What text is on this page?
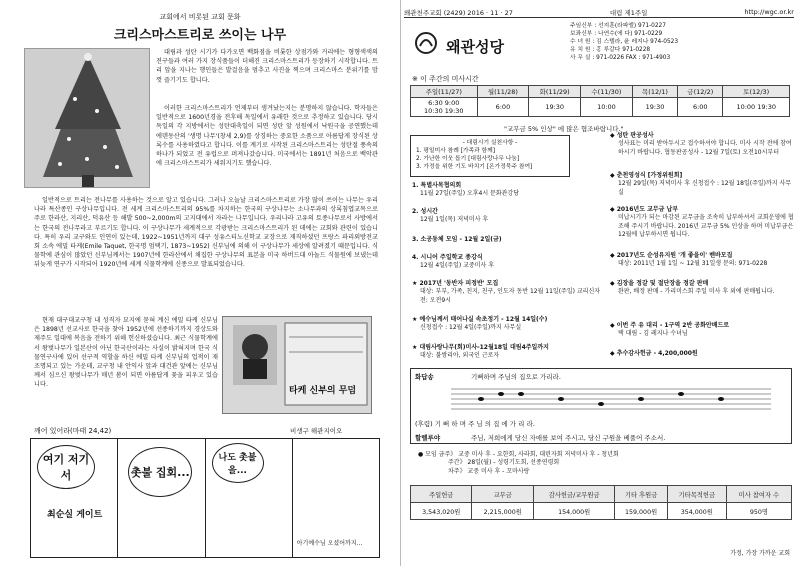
교회에서 비롯된 교회 문화
크리스마스트리로 쓰이는 나무
대림과 성탄 시기가 다가오면 백화점을 비롯한 상점가와 거리에는 형형색색의 전구들과 여러 가지 장식품들이 더해진 크리스마스트리가 등장하기 시작합니다. 트리 앞을 지나는 행인들은 발걸음을 멈추고 사진을 찍으며 크리스마스 분위기를 맘껏 즐기기도 합니다.
이러한 크리스마스트리가 언제부터 생겨났는지는 분명하지 않습니다. 학자들은 일반적으로 1600년경을 전후해 독일에서 유래한 것으로 추정하고 있습니다. 당시 독일의 각 지방에서는 성탄대축일이 되면 성탄 앞 성원에서 낙원극을 공연했는데 에덴동산의 '생명 나무'(창세 2,9)를 상징하는 중요한 소품으로 아름답게 장식된 상록수를 사용하였다고 합니다. 이를 계기로 시작된 크리스마스트리는 성탄절 풍속의 하나가 되었고 전 유럽으로 퍼져나갔습니다. 미국에서는 1891년 처음으로 백악관에 크리스마스트리가 세워지기도 했습니다.
일반적으로 트리는 전나무를 사용하는 것으로 알고 있습니다. 그러나 오늘날 크리스마스트리로 가장 많이 쓰이는 나무는 우리나라 특산종인 구상나무입니다. 전 세계 크리스마스트리의 95%를 차지하는 한국의 구상나무는 소나무과의 상록침엽교목으로 주로 한라산, 지리산, 덕유산 등 해발 500~2,000m의 고지대에서 자라는 나무입니다. 우리나라 고유의 토종나무로서 사방에서는 한국의 전나무라고 부르기도 합니다. 이 구상나무가 세계적으로 각광받는 크리스마스트리가 된 데에는 교회와 관련이 있습니다. 특히 우리 교구와도 인연이 있는데, 1922~1951년까지 대구 성유스티노신학교 교장으로 재직하셨던 프랑스 파리외방전교회 소속 에밀 타케(Emile Taquet, 한국명 엄택기, 1873~1952) 신부님에 의해 이 구상나무가 세상에 알려졌기 때문입니다. 식물학에 관심이 많았던 신부님께서는 1907년에 한라산에서 채집한 구상나무의 표본을 미국 하버드대 아놀드 식물원에 보냈는데 뒤늦게 연구가 시작되어 1920년에 세계 식물학계에 신종으로 발표되었습니다.
현재 대구대교구청 내 성직자 묘지에 묻혀 계신 에밀 타케 신부님은 1898년 선교사로 한국을 찾아 1952년에 선종하기까지 경상도와 제주도 일대에 복음을 전하기 위해 헌신하셨습니다. 최근 식물학계에서 왕벚나무가 일본산이 아닌 한국산이라는 사실이 밝혀지며 한국 식물연구사에 있어 선구적 역할을 하신 에밀 타케 신부님의 업적이 재조명되고 있는 가운데, 교구청 내 안익사 앞과 대건관 앞에는 신부님께서 심으신 왕벚나무가 매년 봄이 되면 아름답게 꽃을 피우고 있습니다.
타케 신부의 무덤
깨어 있어라(마태 24,42)	비생구 해관지이오
여기 저기서
최순실 게이트
촛불 집회...
나도 촛불을...
아기예수님 오셨어까지...
왜관천주교회 (2429) 2016 · 11 · 27	대림 제1주일	http://wgc.or.kr
왜관성당
주임신부 : 선지훈(라파엘) 971-0227
보좌신부 : 나연수(에 다) 971-0229
수 녀 원 : 김 스텔라, 윤 레지나 974-0523
유 치 원 : 홍 루갈다 971-0228
사 무 실 : 971-0226 FAX : 971-4903
※ 이 주간의 미사시간
주일(11/27)	월(11/28)	화(11/29)	수(11/30)	목(12/1)	금(12/2)	토(12/3)
6:30 9:00
10:30 19:30	6:00	19:30	10:00	19:30	6:00	10:00 19:30
"교무금 5% 인상" 에 많은 협조바랍니다."
- 대림시기 실천사항 -
1. 평일미사 참례 [가족과 함께]
2. 가난한 이웃 돕기 [대림사랑나무 나눔]
3. 가정을 위한 기도 바치기 [온가정묵주 참여]
1. 특별사목협의회
11월 27일(주일) 오후4시 문화관강당
2. 성시간
12월 1일(목) 저녁미사 후
3. 소공동체 모임 - 12월 2일(금)
4. 시니어 주일학교 종강식
12월 4일(주일) 교중미사 후
★ 2017년 '동반자 피정반' 모집
대상: 부부, 가족, 친지, 친구, 인도자 동반 12월 11일(주일) 교리신자전: 오전9시
★ 예수님께서 태어나실 속초정기 - 12월 14일(수)
신청접수 : 12월 4일(주일)까지 사무실
★ 대림사랑나무(회)미사-12월18일 대림4주일까지
대상: 불쌍리아, 외국인 근로자
◆ 성탄 판공성사
성사표는 미리 받아두시고 접수하셔야 합니다. 미사 시작 전에 참여하시기 바랍니다. 협동판공성사 - 12월 7일(토) 오전10시부터
◆ 춘천영성식 [가정위원회]
12월 29일(목) 저녁미사 후 신청접수 : 12월 18일(주일)까지 사무실
◆ 2016년도 교무금 납부
미납시기가 되는 마감된 교무금을 조속히 납부하셔서 교회운영에 협조해 주시기 바랍니다. 2016년 교무금 5% 인상을 하며 미납부금은 12월에 납부하시면 됩니다.
◆ 2017년도 순성유지원 '개 좋을이' 밴바모집
대상: 2011년 1월 1일 ~ 12월 31일생 문의: 971-0228
◆ 김장을 정갈 및 절단장을 정갈 판매
완판, 배정 판매 - 가리미스회 주일 미사 후 외에 판매됩니다.
◆ 이번 주 유 대리 - 1구역 2반 공화안배드로
택 대림 - 김 레지나 수녀님
◆ 추수감사헌금 - 4,200,000원
화답송	기뻐하며 주님의 집으로 가리라.
(후렴) 기 뻐 하 며 주 님 의 집 에 가 리 라.
할렐루야	주님, 저희에게 당신 자애를 보여 주시고, 당신 구원을 베풀어 주소서.
● 모임 금주》 교중 미사 후 - 요한회, 사라회, 대린자회 저녁미사 후 - 청년회
주간》 28일(월) - 성령기도회, 선종연령회
차주》 교중 미사 후 - 꼬마사랑
주일헌금	교무금	감사헌금/교무원금	기타 후원금	기타목적헌금	미사 참여자 수
3,543,020원	2,215,000원	154,000원	159,000원	354,000원	950명
가정, 가장 가까운 교회
